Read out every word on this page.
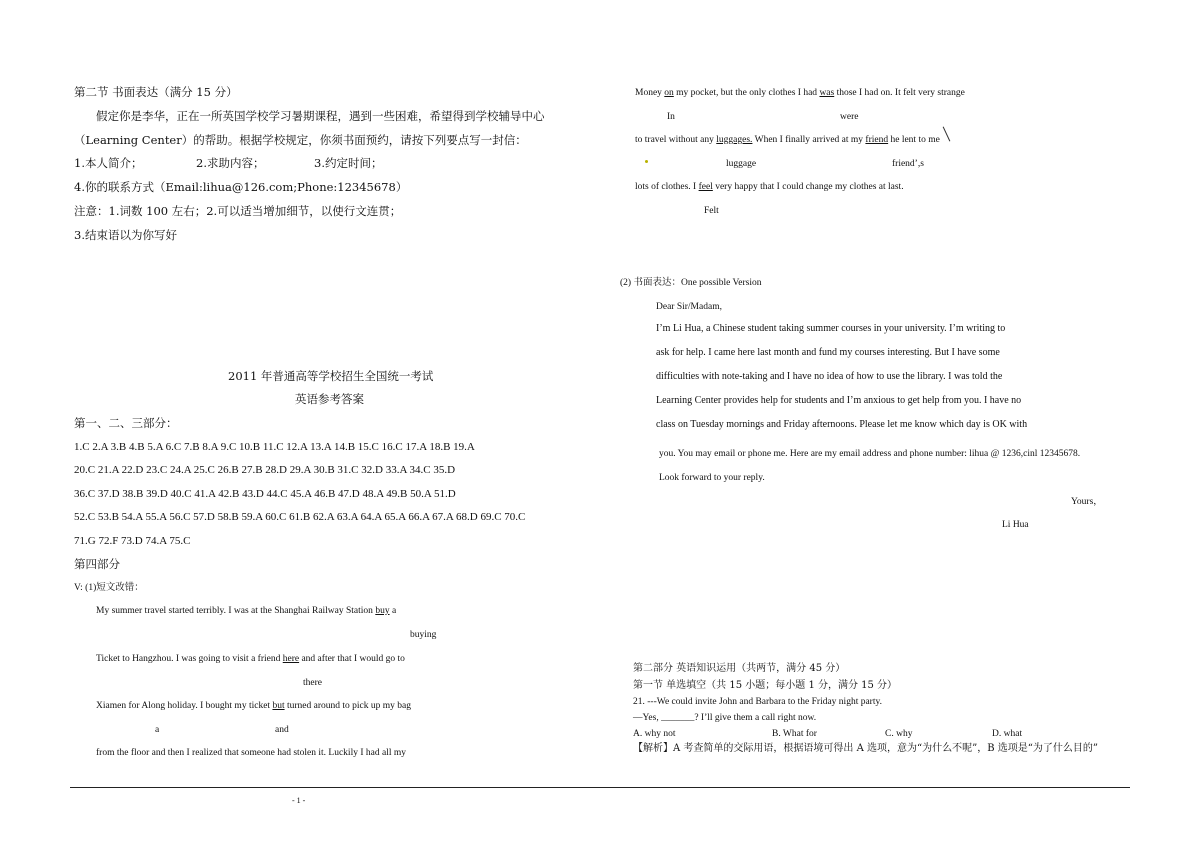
第二节 书面表达（满分 15 分）
假定你是李华，正在一所英国学校学习暑期课程，遇到一些困难，希望得到学校辅导中心
（Learning Center）的帮助。根据学校规定，你须书面预约，请按下列要点写一封信：
1.本人简介；	2.求助内容；	3.约定时间；
4.你的联系方式（Email:lihua@126.com;Phone:12345678）
注意：1.词数 100 左右；2.可以适当增加细节，以使行文连贯；
3.结束语以为你写好
2011 年普通高等学校招生全国统一考试
英语参考答案
第一、二、三部分：
1.C 2.A 3.B 4.B 5.A 6.C 7.B 8.A 9.C 10.B 11.C 12.A 13.A 14.B 15.C 16.C 17.A 18.B 19.A
20.C 21.A 22.D 23.C 24.A 25.C 26.B 27.B 28.D 29.A 30.B 31.C 32.D 33.A 34.C 35.D
36.C 37.D 38.B 39.D 40.C 41.A 42.B 43.D 44.C 45.A 46.B 47.D 48.A 49.B 50.A 51.D
52.C 53.B 54.A 55.A 56.C 57.D 58.B 59.A 60.C 61.B 62.A 63.A 64.A 65.A 66.A 67.A 68.D 69.C 70.C
71.G 72.F 73.D 74.A 75.C
第四部分
V: (1)短文改错：
My summer travel started terribly. I was at the Shanghai Railway Station buy a
buying
Ticket to Hangzhou. I was going to visit a friend here and after that I would go to
there
Xiamen for Along holiday. I bought my ticket but turned around to pick up my bag
a	and
from the floor and then I realized that someone had stolen it. Luckily I had all my
Money on my pocket, but the only clothes I had was those I had on. It felt very strange
In	were
to travel without any luggages. When I finally arrived at my friend he lent to me
luggage	friend’,s
lots of clothes. I feel very happy that I could change my clothes at last.
Felt
(2) 书面表达：One possible Version
Dear Sir/Madam,
I’m Li Hua, a Chinese student taking summer courses in your university. I’m writing to
ask for help. I came here last month and fund my courses interesting. But I have some
difficulties with note-taking and I have no idea of how to use the library. I was told the
Learning Center provides help for students and I’m anxious to get help from you. I have no
class on Tuesday mornings and Friday afternoons. Please let me know which day is OK with
you. You may email or phone me. Here are my email address and phone number: lihua @ 1236,cinl 12345678.
Look forward to your reply.
Yours，
Li Hua
第二部分 英语知识运用（共两节，满分 45 分）
第一节 单选填空（共 15 小题；每小题 1 分，满分 15 分）
21. ---We could invite John and Barbara to the Friday night party.
—Yes, _______? I’ll give them a call right now.
A. why not	B. What for	C. why	D. what
【解析】A 考查简单的交际用语，根据语境可得出 A 选项，意为“为什么不呢”，B 选项是“为了什么目的”
- 1 -
